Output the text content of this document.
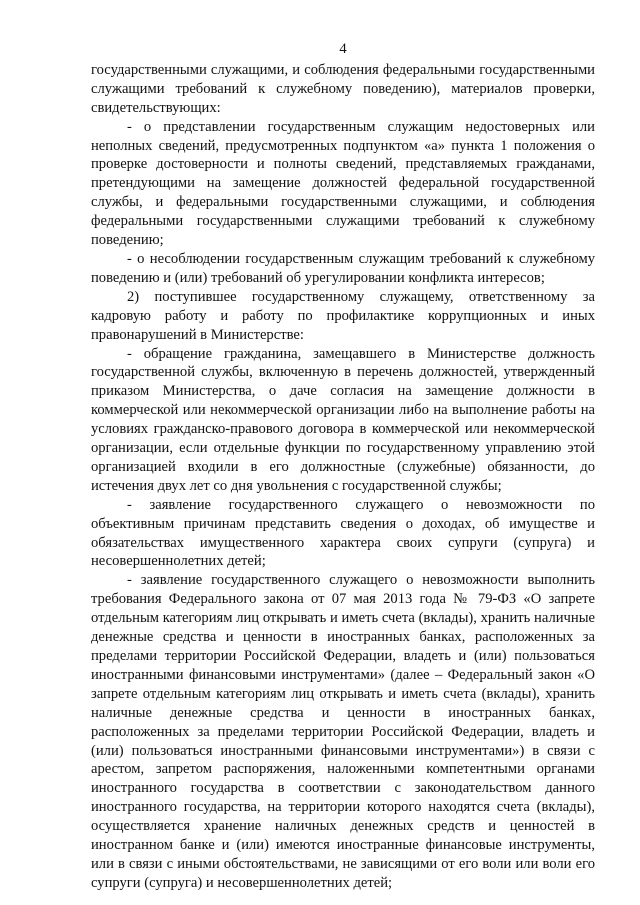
4

государственными служащими, и соблюдения федеральными государственными служащими требований к служебному поведению), материалов проверки, свидетельствующих:

- о представлении государственным служащим недостоверных или неполных сведений, предусмотренных подпунктом «а» пункта 1 положения о проверке достоверности и полноты сведений, представляемых гражданами, претендующими на замещение должностей федеральной государственной службы, и федеральными государственными служащими, и соблюдения федеральными государственными служащими требований к служебному поведению;

- о несоблюдении государственным служащим требований к служебному поведению и (или) требований об урегулировании конфликта интересов;

2) поступившее государственному служащему, ответственному за кадровую работу и работу по профилактике коррупционных и иных правонарушений в Министерстве:

- обращение гражданина, замещавшего в Министерстве должность государственной службы, включенную в перечень должностей, утвержденный приказом Министерства, о даче согласия на замещение должности в коммерческой или некоммерческой организации либо на выполнение работы на условиях гражданско-правового договора в коммерческой или некоммерческой организации, если отдельные функции по государственному управлению этой организацией входили в его должностные (служебные) обязанности, до истечения двух лет со дня увольнения с государственной службы;

- заявление государственного служащего о невозможности по объективным причинам представить сведения о доходах, об имуществе и обязательствах имущественного характера своих супруги (супруга) и несовершеннолетних детей;

- заявление государственного служащего о невозможности выполнить требования Федерального закона от 07 мая 2013 года № 79-ФЗ «О запрете отдельным категориям лиц открывать и иметь счета (вклады), хранить наличные денежные средства и ценности в иностранных банках, расположенных за пределами территории Российской Федерации, владеть и (или) пользоваться иностранными финансовыми инструментами» (далее – Федеральный закон «О запрете отдельным категориям лиц открывать и иметь счета (вклады), хранить наличные денежные средства и ценности в иностранных банках, расположенных за пределами территории Российской Федерации, владеть и (или) пользоваться иностранными финансовыми инструментами») в связи с арестом, запретом распоряжения, наложенными компетентными органами иностранного государства в соответствии с законодательством данного иностранного государства, на территории которого находятся счета (вклады), осуществляется хранение наличных денежных средств и ценностей в иностранном банке и (или) имеются иностранные финансовые инструменты, или в связи с иными обстоятельствами, не зависящими от его воли или воли его супруги (супруга) и несовершеннолетних детей;
